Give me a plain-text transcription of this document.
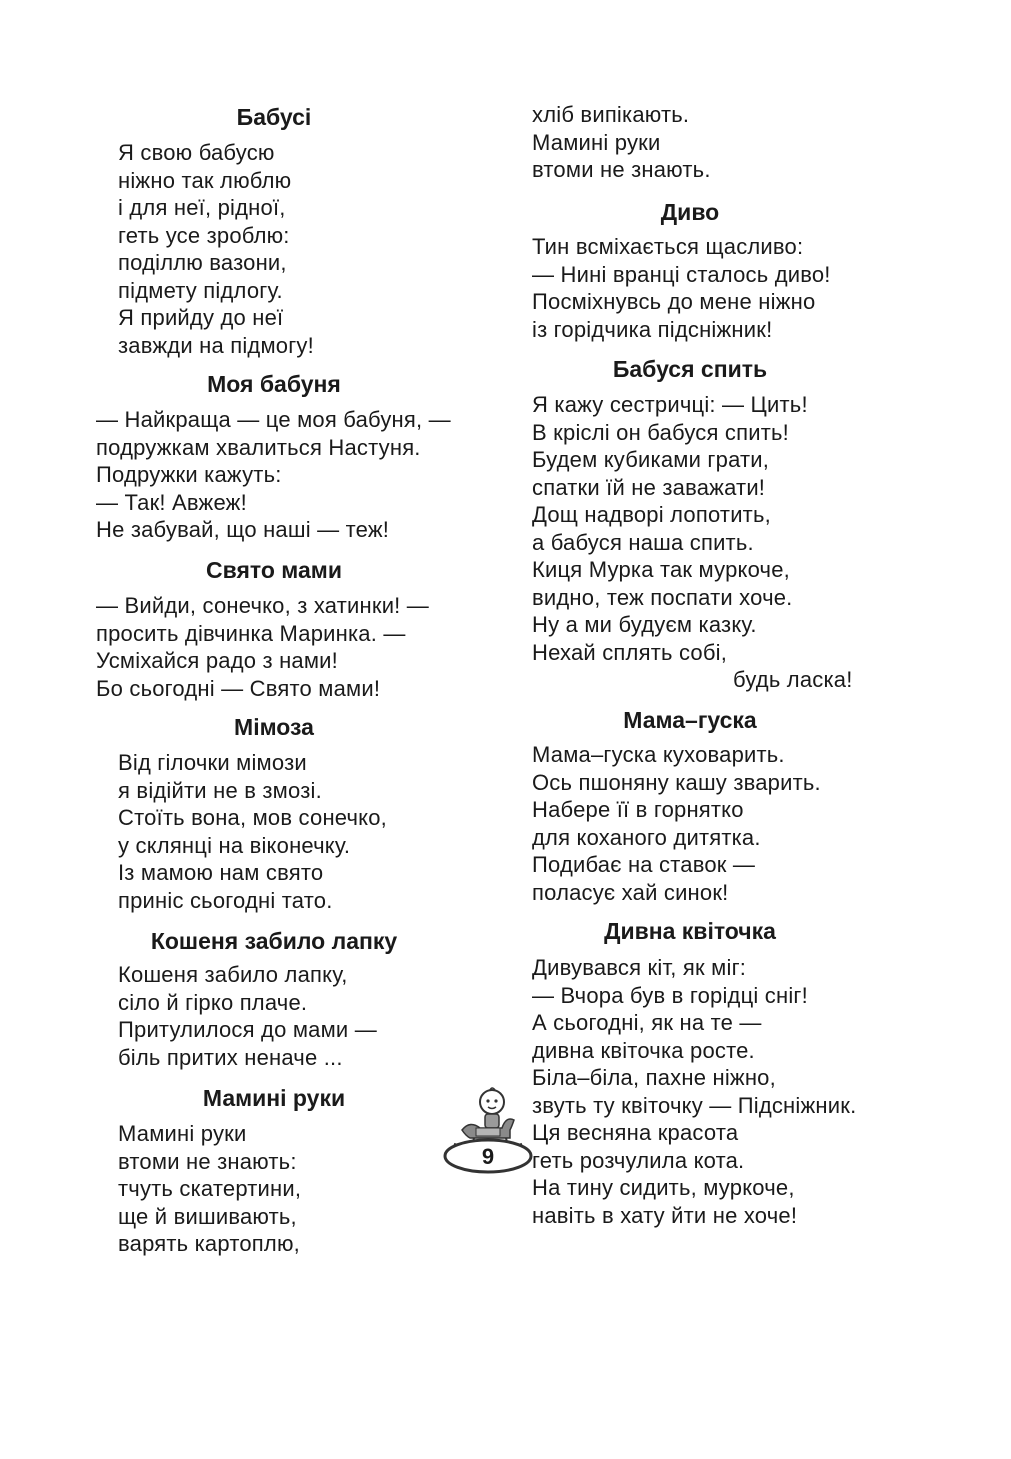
Бабусі
Я свою бабусю
ніжно так люблю
і для неї, рідної,
геть усе зроблю:
поділлю вазони,
підмету підлогу.
Я прийду до неї
завжди на підмогу!
Моя бабуня
— Найкраща — це моя бабуня, —
подружкам хвалиться Настуня.
Подружки кажуть:
— Так! Авжеж!
Не забувай, що наші — теж!
Свято мами
— Вийди, сонечко, з хатинки! —
просить дівчинка Маринка. —
Усміхайся радо з нами!
Бо сьогодні — Свято мами!
Мімоза
Від гілочки мімози
я відійти не в змозі.
Стоїть вона, мов сонечко,
у склянці на віконечку.
Із мамою нам свято
приніс сьогодні тато.
Кошеня забило лапку
Кошеня забило лапку,
сіло й гірко плаче.
Притулилося до мами —
біль притих неначе ...
Мамині руки
Мамині руки
втоми не знають:
тчуть скатертини,
ще й вишивають,
варять картоплю,
хліб випікають.
Мамині руки
втоми не знають.
Диво
Тин всміхається щасливо:
— Нині вранці сталось диво!
Посміхнувсь до мене ніжно
із горідчика підсніжник!
Бабуся спить
Я кажу сестричці: — Цить!
В кріслі он бабуся спить!
Будем кубиками грати,
спатки їй не заважати!
Дощ надворі лопотить,
а бабуся наша спить.
Киця Мурка так муркоче,
видно, теж поспати хоче.
Ну а ми будуєм казку.
Нехай сплять собі,
будь ласка!
Мама–гуска
Мама–гуска куховарить.
Ось пшоняну кашу зварить.
Набере її в горнятко
для коханого дитятка.
Подибає на ставок —
поласує хай синок!
Дивна квіточка
Дивувався кіт, як міг:
— Вчора був в горідці сніг!
А сьогодні, як на те —
дивна квіточка росте.
Біла–біла, пахне ніжно,
звуть ту квіточку — Підсніжник.
Ця весняна красота
геть розчулила кота.
На тину сидить, муркоче,
навіть в хату йти не хоче!
9
